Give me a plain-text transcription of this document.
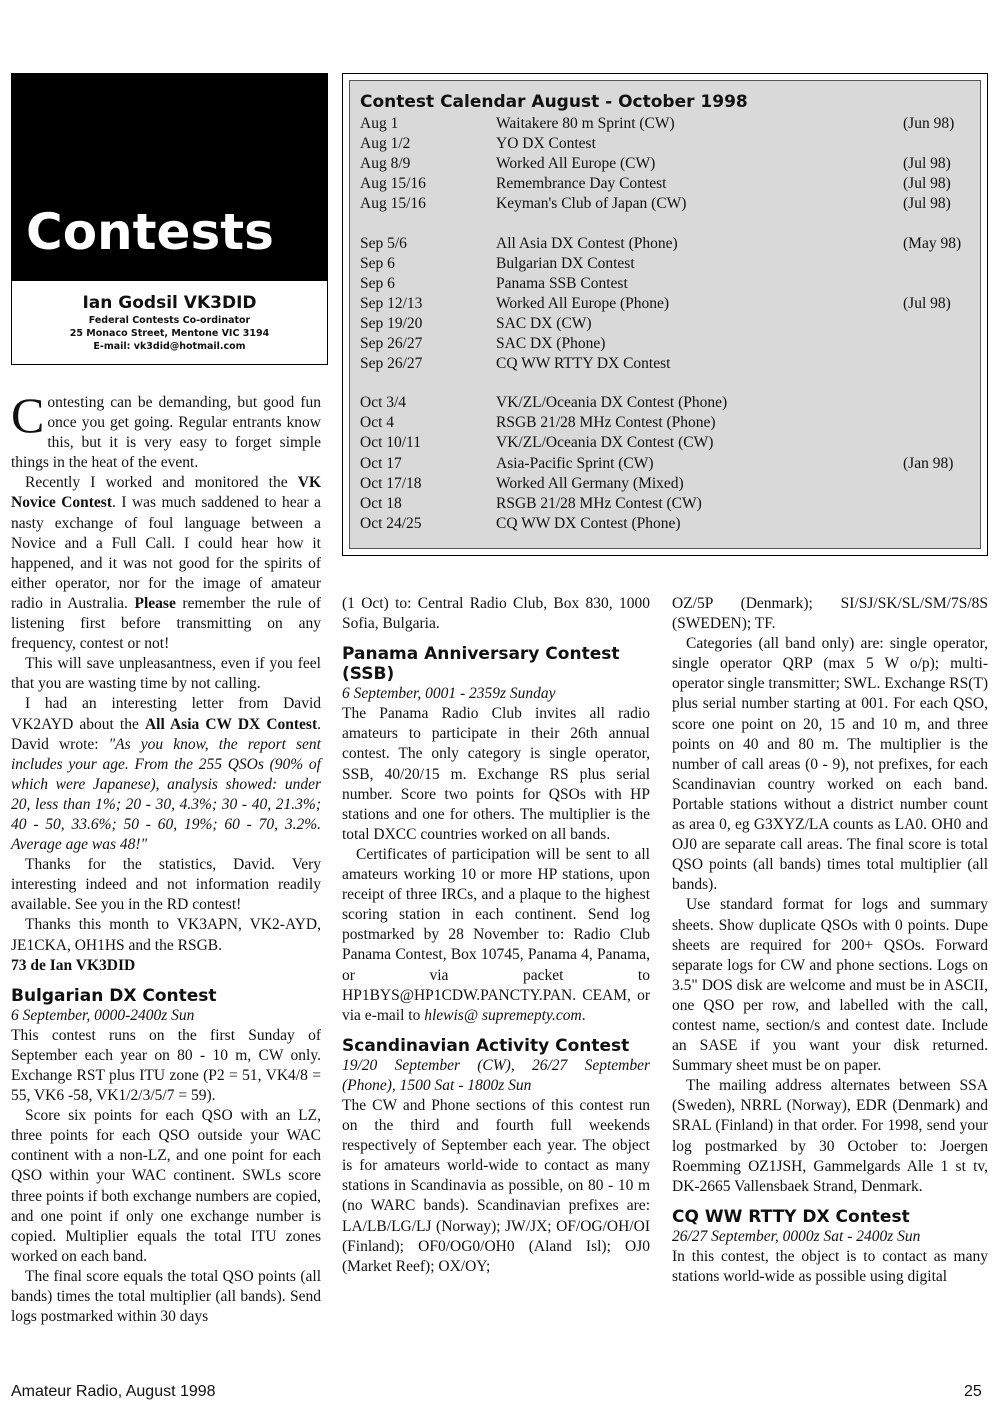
Contests
Ian Godsil VK3DID
Federal Contests Co-ordinator
25 Monaco Street, Mentone VIC 3194
E-mail: vk3did@hotmail.com
Contest Calendar August - October 1998
Aug 1	Waitakere 80 m Sprint (CW)	(Jun 98)
Aug 1/2	YO DX Contest
Aug 8/9	Worked All Europe (CW)	(Jul 98)
Aug 15/16	Remembrance Day Contest	(Jul 98)
Aug 15/16	Keyman's Club of Japan (CW)	(Jul 98)
Sep 5/6	All Asia DX Contest (Phone)	(May 98)
Sep 6	Bulgarian DX Contest
Sep 6	Panama SSB Contest
Sep 12/13	Worked All Europe (Phone)	(Jul 98)
Sep 19/20	SAC DX (CW)
Sep 26/27	SAC DX (Phone)
Sep 26/27	CQ WW RTTY DX Contest
Oct 3/4	VK/ZL/Oceania DX Contest (Phone)
Oct 4	RSGB 21/28 MHz Contest (Phone)
Oct 10/11	VK/ZL/Oceania DX Contest (CW)
Oct 17	Asia-Pacific Sprint (CW)	(Jan 98)
Oct 17/18	Worked All Germany (Mixed)
Oct 18	RSGB 21/28 MHz Contest (CW)
Oct 24/25	CQ WW DX Contest (Phone)

Contesting can be demanding, but good fun once you get going. Regular entrants know this, but it is very easy to forget simple things in the heat of the event.

Recently I worked and monitored the VK Novice Contest. I was much saddened to hear a nasty exchange of foul language between a Novice and a Full Call. I could hear how it happened, and it was not good for the spirits of either operator, nor for the image of amateur radio in Australia. Please remember the rule of listening first before transmitting on any frequency, contest or not!

This will save unpleasantness, even if you feel that you are wasting time by not calling.

I had an interesting letter from David VK2AYD about the All Asia CW DX Contest. David wrote: "As you know, the report sent includes your age. From the 255 QSOs (90% of which were Japanese), analysis showed: under 20, less than 1%; 20 - 30, 4.3%; 30 - 40, 21.3%; 40 - 50, 33.6%; 50 - 60, 19%; 60 - 70, 3.2%. Average age was 48!"

Thanks for the statistics, David. Very interesting indeed and not information readily available. See you in the RD contest!

Thanks this month to VK3APN, VK2-AYD, JE1CKA, OH1HS and the RSGB.

73 de Ian VK3DID

Bulgarian DX Contest

6 September, 0000-2400z Sun

This contest runs on the first Sunday of September each year on 80 - 10 m, CW only. Exchange RST plus ITU zone (P2 = 51, VK4/8 = 55, VK6 -58, VK1/2/3/5/7 = 59).

Score six points for each QSO with an LZ, three points for each QSO outside your WAC continent with a non-LZ, and one point for each QSO within your WAC continent. SWLs score three points if both exchange numbers are copied, and one point if only one exchange number is copied. Multiplier equals the total ITU zones worked on each band.

The final score equals the total QSO points (all bands) times the total multiplier (all bands). Send logs postmarked within 30 days

(1 Oct) to: Central Radio Club, Box 830, 1000 Sofia, Bulgaria.

Panama Anniversary Contest (SSB)

6 September, 0001 - 2359z Sunday

The Panama Radio Club invites all radio amateurs to participate in their 26th annual contest. The only category is single operator, SSB, 40/20/15 m. Exchange RS plus serial number. Score two points for QSOs with HP stations and one for others. The multiplier is the total DXCC countries worked on all bands.

Certificates of participation will be sent to all amateurs working 10 or more HP stations, upon receipt of three IRCs, and a plaque to the highest scoring station in each continent. Send log postmarked by 28 November to: Radio Club Panama Contest, Box 10745, Panama 4, Panama, or via packet to HP1BYS@HP1CDW.PANCTY.PAN. CEAM, or via e-mail to hlewis@ supremepty.com.

Scandinavian Activity Contest

19/20 September (CW), 26/27 September (Phone), 1500 Sat - 1800z Sun

The CW and Phone sections of this contest run on the third and fourth full weekends respectively of September each year. The object is for amateurs world-wide to contact as many stations in Scandinavia as possible, on 80 - 10 m (no WARC bands). Scandinavian prefixes are: LA/LB/LG/LJ (Norway); JW/JX; OF/OG/OH/OI (Finland); OF0/OG0/OH0 (Aland Isl); OJ0 (Market Reef); OX/OY;

OZ/5P (Denmark); SI/SJ/SK/SL/SM/7S/8S (SWEDEN); TF.

Categories (all band only) are: single operator, single operator QRP (max 5 W o/p); multi-operator single transmitter; SWL. Exchange RS(T) plus serial number starting at 001. For each QSO, score one point on 20, 15 and 10 m, and three points on 40 and 80 m. The multiplier is the number of call areas (0 - 9), not prefixes, for each Scandinavian country worked on each band. Portable stations without a district number count as area 0, eg G3XYZ/LA counts as LA0. OH0 and OJ0 are separate call areas. The final score is total QSO points (all bands) times total multiplier (all bands).

Use standard format for logs and summary sheets. Show duplicate QSOs with 0 points. Dupe sheets are required for 200+ QSOs. Forward separate logs for CW and phone sections. Logs on 3.5" DOS disk are welcome and must be in ASCII, one QSO per row, and labelled with the call, contest name, section/s and contest date. Include an SASE if you want your disk returned. Summary sheet must be on paper.

The mailing address alternates between SSA (Sweden), NRRL (Norway), EDR (Denmark) and SRAL (Finland) in that order. For 1998, send your log postmarked by 30 October to: Joergen Roemming OZ1JSH, Gammelgards Alle 1 st tv, DK-2665 Vallensbaek Strand, Denmark.

CQ WW RTTY DX Contest

26/27 September, 0000z Sat - 2400z Sun

In this contest, the object is to contact as many stations world-wide as possible using digital

Amateur Radio, August 1998	25
